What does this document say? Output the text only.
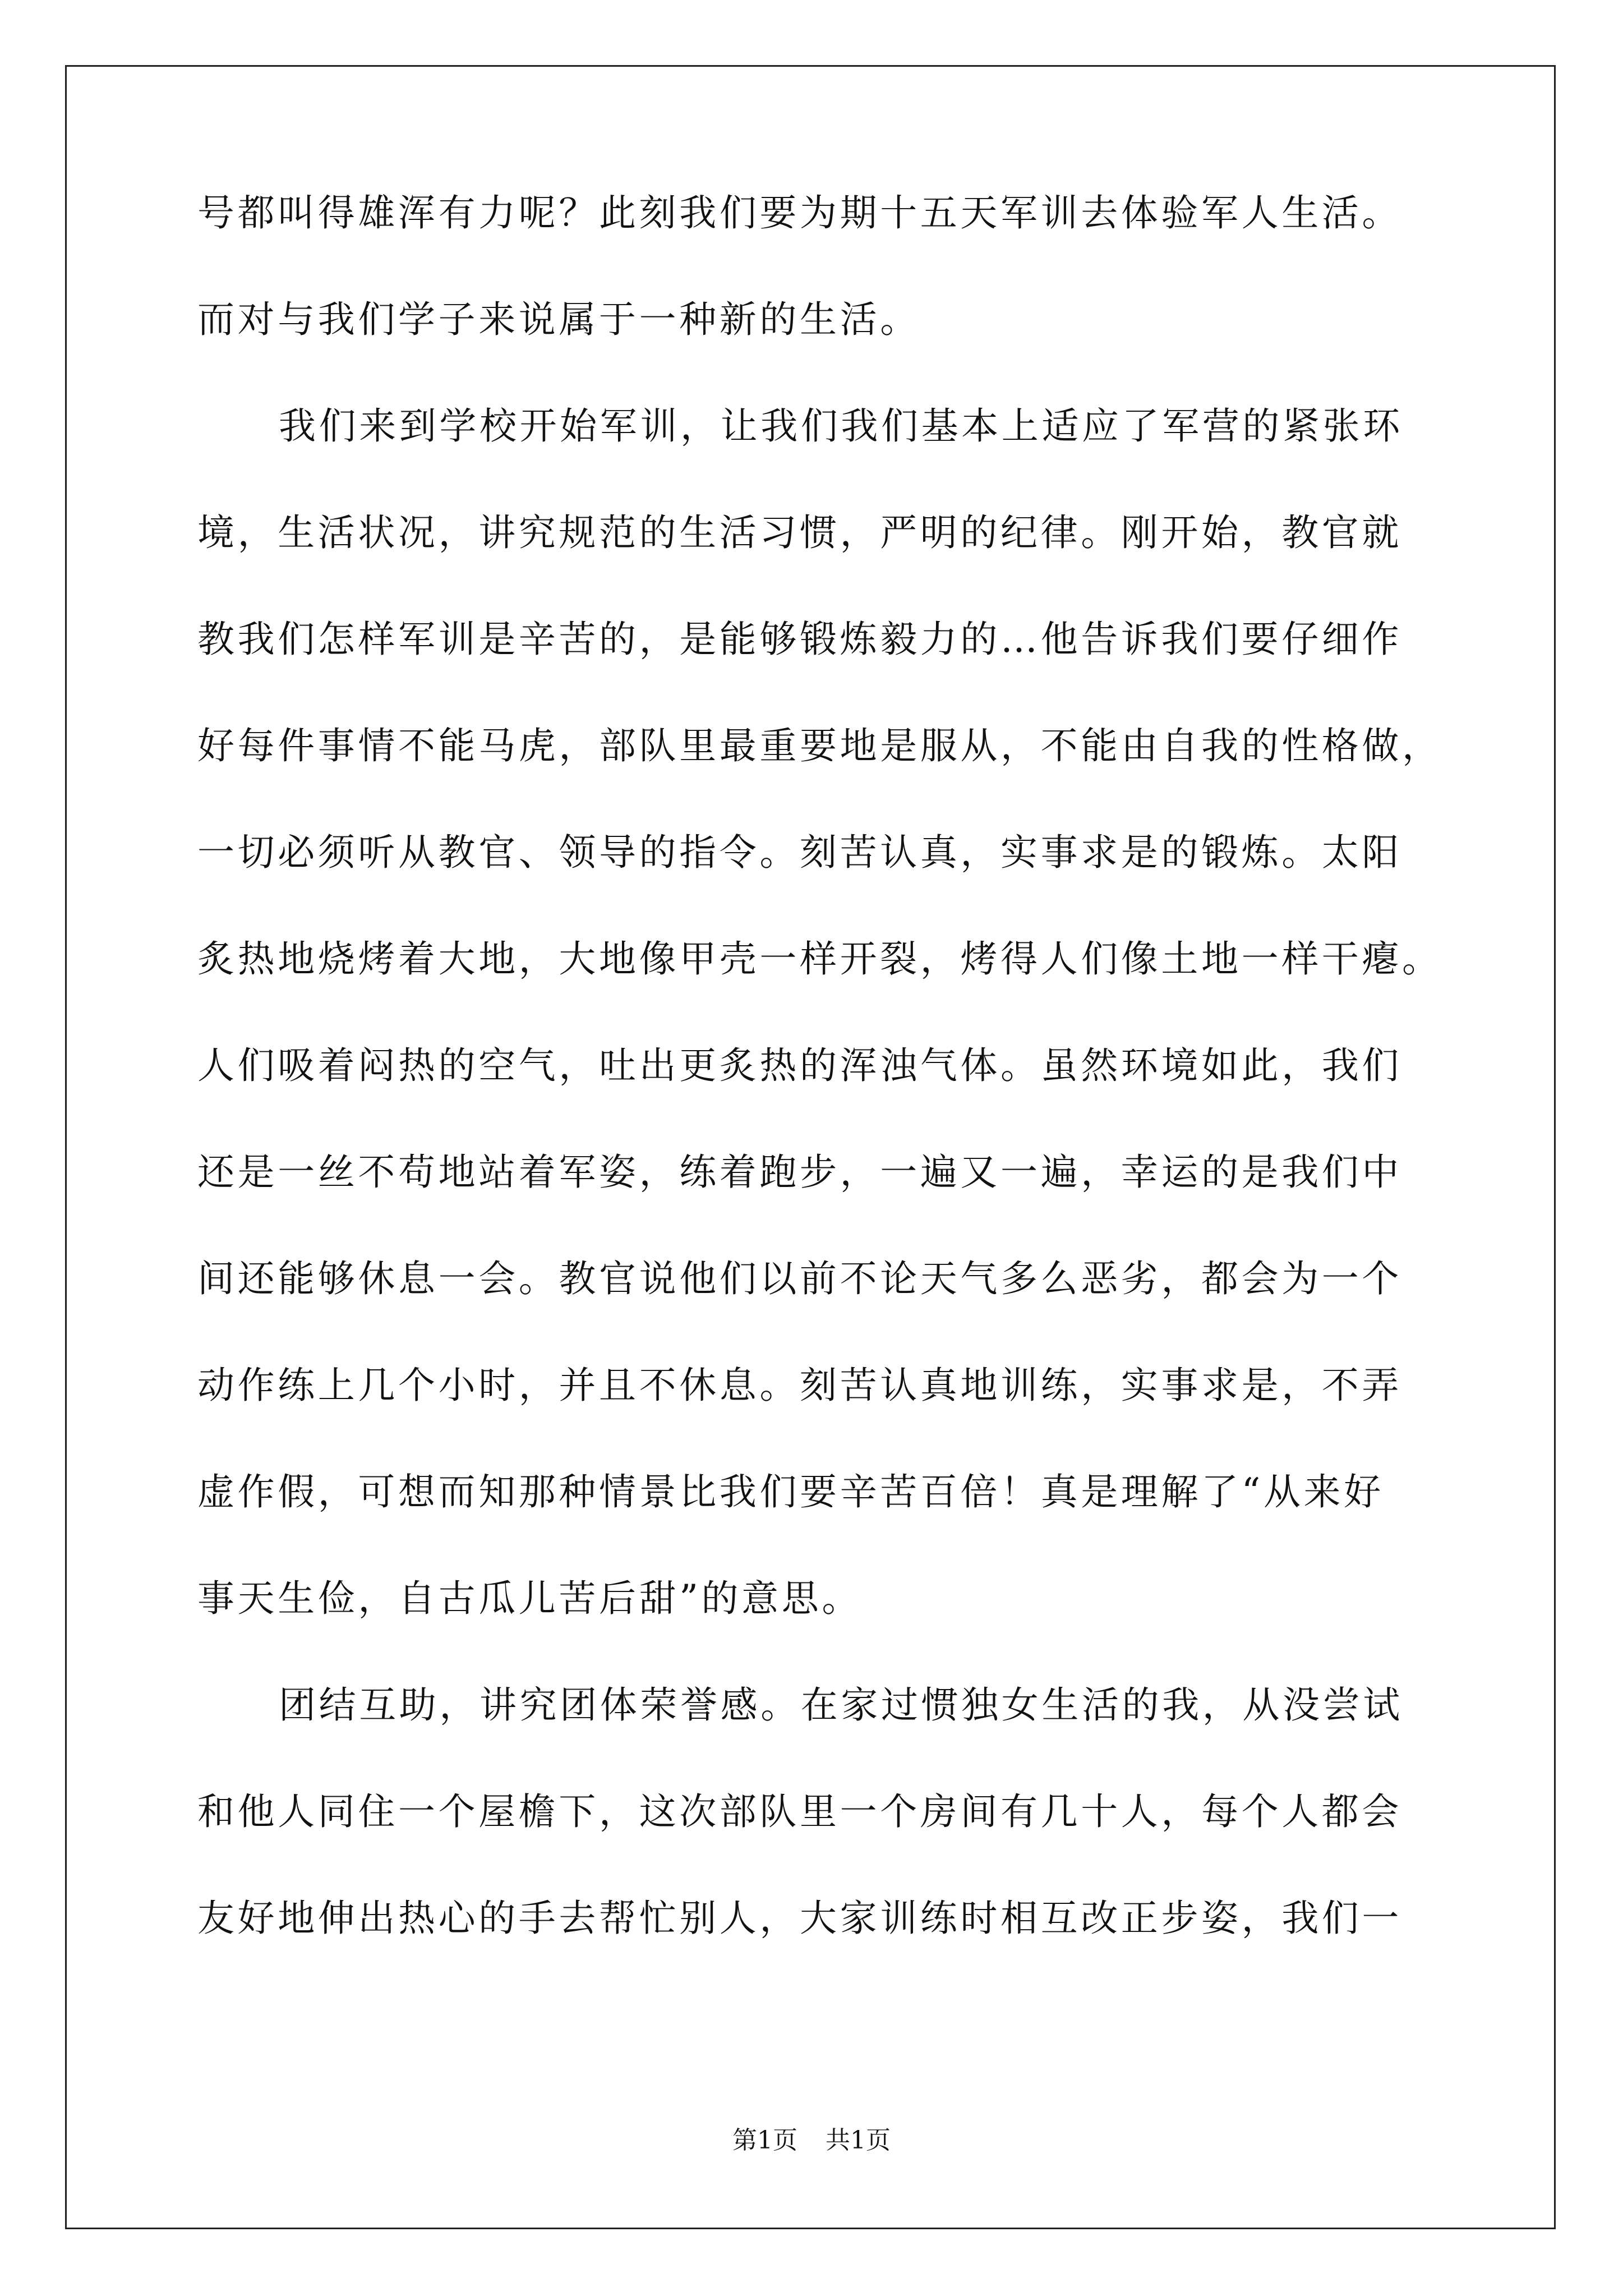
号都叫得雄浑有力呢？此刻我们要为期十五天军训去体验军人生活。
而对与我们学子来说属于一种新的生活。
我们来到学校开始军训，让我们我们基本上适应了军营的紧张环
境，生活状况，讲究规范的生活习惯，严明的纪律。刚开始，教官就
教我们怎样军训是辛苦的，是能够锻炼毅力的…他告诉我们要仔细作
好每件事情不能马虎，部队里最重要地是服从，不能由自我的性格做，
一切必须听从教官、领导的指令。刻苦认真，实事求是的锻炼。太阳
炙热地烧烤着大地，大地像甲壳一样开裂，烤得人们像土地一样干瘪。
人们吸着闷热的空气，吐出更炙热的浑浊气体。虽然环境如此，我们
还是一丝不苟地站着军姿，练着跑步，一遍又一遍，幸运的是我们中
间还能够休息一会。教官说他们以前不论天气多么恶劣，都会为一个
动作练上几个小时，并且不休息。刻苦认真地训练，实事求是，不弄
虚作假，可想而知那种情景比我们要辛苦百倍！真是理解了“从来好
事天生俭，自古瓜儿苦后甜”的意思。
团结互助，讲究团体荣誉感。在家过惯独女生活的我，从没尝试
和他人同住一个屋檐下，这次部队里一个房间有几十人，每个人都会
友好地伸出热心的手去帮忙别人，大家训练时相互改正步姿，我们一
第1页 共1页
